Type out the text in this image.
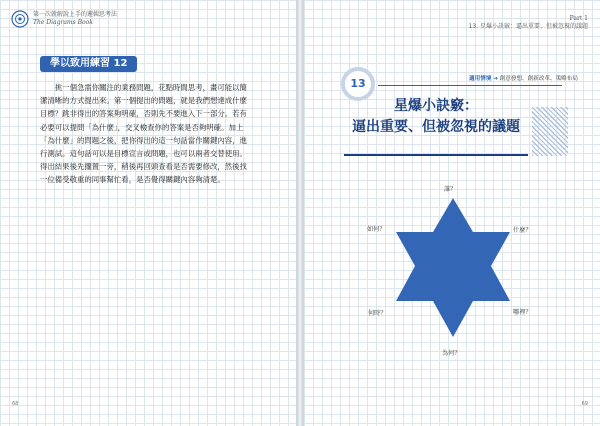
第一次就解說上手的邏輯思考法
The Diagrams Book
學以致用練習 12
　　挑一個急需你關注的業務問題，花點時間思考，畫可能以簡
潔清晰的方式提出來。第一個提出的問題，就是我們想達成什麼
目標？跳非得出的答案夠明確，否則先不要進入下一部分。若有
必要可以提問「為什麼」，交叉檢查你的答案是否夠明確。加上
「為什麼」的問題之後，把你得出的這一句話當作關鍵內容，進
行測試。這句話可以是目標宣言或問題，也可以兩者交替使用。
得出結果後先擱置一旁，稍後再回頭查看是否需要修改，然後找
一位備受敬重的同事幫忙看，是否覺得關鍵內容夠清楚。
68
Part 1
13. 星爆小訣竅：逼出重要、但被忽視的議題
13	適用情境 ➜ 創意發想、創新改革、策略布局
星爆小訣竅：
逼出重要、但被忽視的議題
誰？
什麼？
哪裡？
為何？
何時？
如何？
69
